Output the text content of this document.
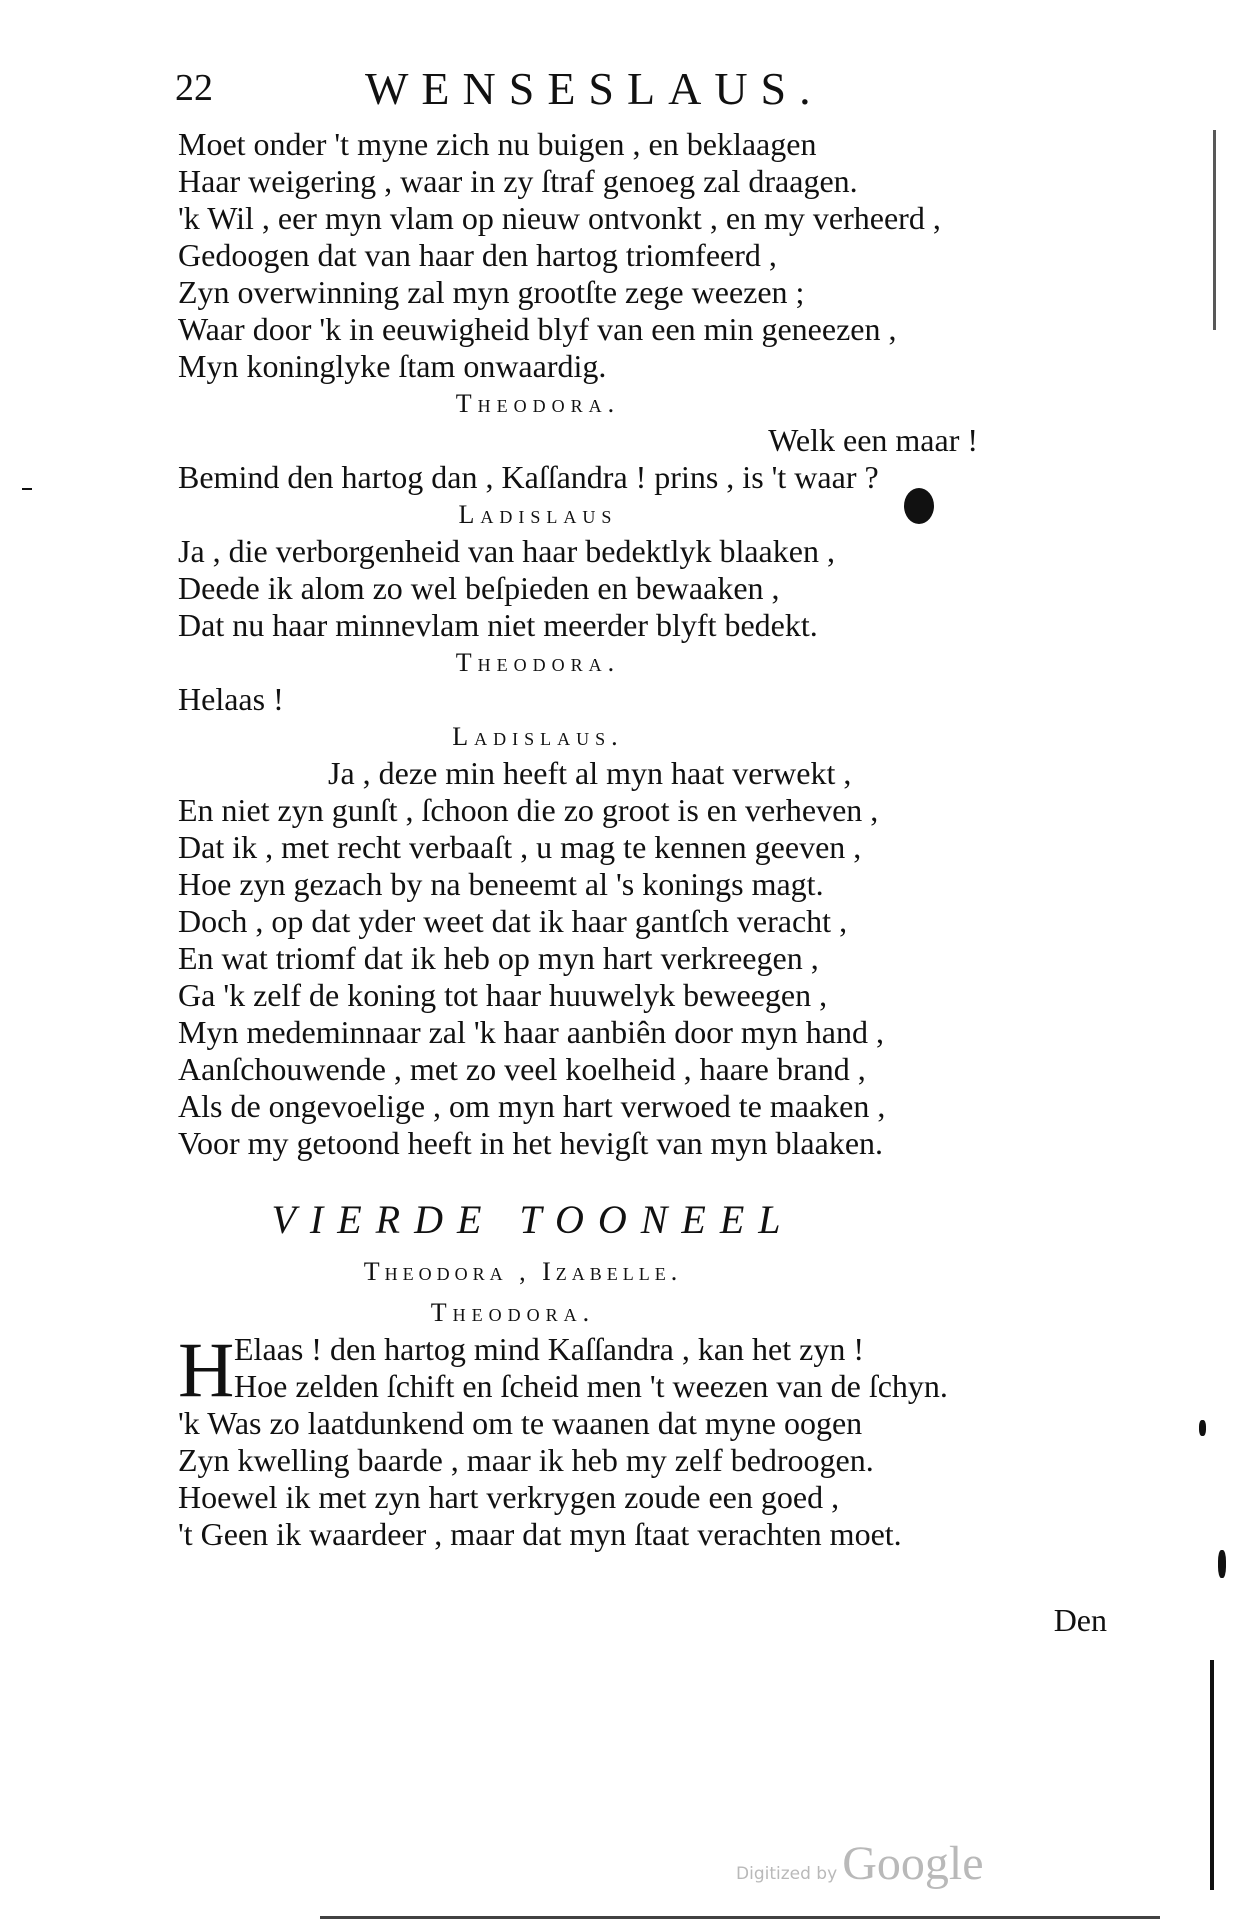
22	WENSESLAUS.
Moet onder 't myne zich nu buigen , en beklaagen
Haar weigering , waar in zy ſtraf genoeg zal draagen.
'k Wil , eer myn vlam op nieuw ontvonkt , en my verheerd ,
Gedoogen dat van haar den hartog triomfeerd ,
Zyn overwinning zal myn grootſte zege weezen ;
Waar door 'k in eeuwigheid blyf van een min geneezen ,
Myn koninglyke ſtam onwaardig.
Theodora.
Welk een maar !
Bemind den hartog dan , Kaſſandra ! prins , is 't waar ?
Ladislaus
Ja , die verborgenheid van haar bedektlyk blaaken ,
Deede ik alom zo wel beſpieden en bewaaken ,
Dat nu haar minnevlam niet meerder blyft bedekt.
Theodora.
Helaas !
Ladislaus.
Ja , deze min heeft al myn haat verwekt ,
En niet zyn gunſt , ſchoon die zo groot is en verheven ,
Dat ik , met recht verbaaſt , u mag te kennen geeven ,
Hoe zyn gezach by na beneemt al 's konings magt.
Doch , op dat yder weet dat ik haar gantſch veracht ,
En wat triomf dat ik heb op myn hart verkreegen ,
Ga 'k zelf de koning tot haar huuwelyk beweegen ,
Myn medeminnaar zal 'k haar aanbiên door myn hand ,
Aanſchouwende , met zo veel koelheid , haare brand ,
Als de ongevoelige , om myn hart verwoed te maaken ,
Voor my getoond heeft in het hevigſt van myn blaaken.
VIERDE TOONEEL
Theodora , Izabelle.
Theodora.
H Elaas ! den hartog mind Kaſſandra , kan het zyn !
Hoe zelden ſchift en ſcheid men 't weezen van de ſchyn.
'k Was zo laatdunkend om te waanen dat myne oogen
Zyn kwelling baarde , maar ik heb my zelf bedroogen.
Hoewel ik met zyn hart verkrygen zoude een goed ,
't Geen ik waardeer , maar dat myn ſtaat verachten moet.
Den
Digitized by Google
